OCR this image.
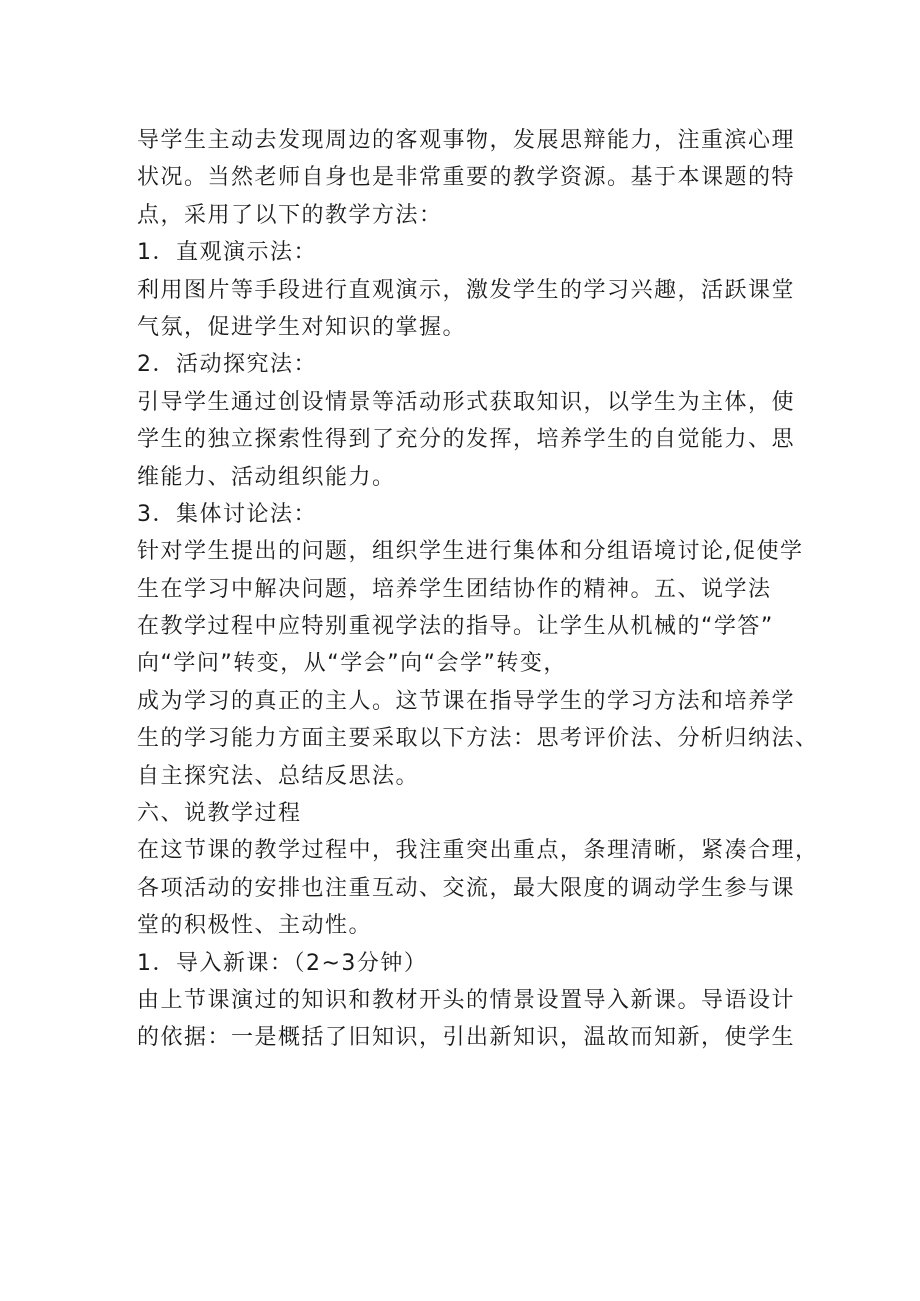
导学生主动去发现周边的客观事物，发展思辩能力，注重滨心理
状况。当然老师自身也是非常重要的教学资源。基于本课题的特
点，采用了以下的教学方法：
1．直观演示法：
利用图片等手段进行直观演示，激发学生的学习兴趣，活跃课堂
气氛，促进学生对知识的掌握。
2．活动探究法：
引导学生通过创设情景等活动形式获取知识，以学生为主体，使
学生的独立探索性得到了充分的发挥，培养学生的自觉能力、思
维能力、活动组织能力。
3．集体讨论法：
针对学生提出的问题，组织学生进行集体和分组语境讨论,促使学
生在学习中解决问题，培养学生团结协作的精神。五、说学法
在教学过程中应特别重视学法的指导。让学生从机械的“学答”
向“学问”转变，从“学会”向“会学”转变，
成为学习的真正的主人。这节课在指导学生的学习方法和培养学
生的学习能力方面主要采取以下方法：思考评价法、分析归纳法、
自主探究法、总结反思法。
六、说教学过程
在这节课的教学过程中，我注重突出重点，条理清晰，紧凑合理，
各项活动的安排也注重互动、交流，最大限度的调动学生参与课
堂的积极性、主动性。
1．导入新课：（2~3分钟）
由上节课演过的知识和教材开头的情景设置导入新课。导语设计
的依据：一是概括了旧知识，引出新知识，温故而知新，使学生
